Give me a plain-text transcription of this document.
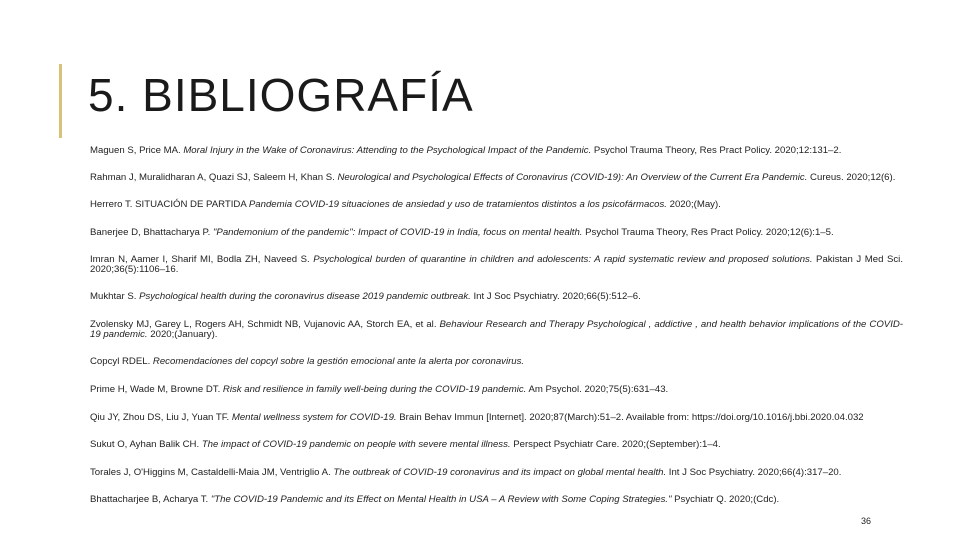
5. BIBLIOGRAFÍA
Maguen S, Price MA. Moral Injury in the Wake of Coronavirus: Attending to the Psychological Impact of the Pandemic. Psychol Trauma Theory, Res Pract Policy. 2020;12:131–2.
Rahman J, Muralidharan A, Quazi SJ, Saleem H, Khan S. Neurological and Psychological Effects of Coronavirus (COVID-19): An Overview of the Current Era Pandemic. Cureus. 2020;12(6).
Herrero T. SITUACIÓN DE PARTIDA Pandemia COVID-19 situaciones de ansiedad y uso de tratamientos distintos a los psicofármacos. 2020;(May).
Banerjee D, Bhattacharya P. "Pandemonium of the pandemic": Impact of COVID-19 in India, focus on mental health. Psychol Trauma Theory, Res Pract Policy. 2020;12(6):1–5.
Imran N, Aamer I, Sharif MI, Bodla ZH, Naveed S. Psychological burden of quarantine in children and adolescents: A rapid systematic review and proposed solutions. Pakistan J Med Sci. 2020;36(5):1106–16.
Mukhtar S. Psychological health during the coronavirus disease 2019 pandemic outbreak. Int J Soc Psychiatry. 2020;66(5):512–6.
Zvolensky MJ, Garey L, Rogers AH, Schmidt NB, Vujanovic AA, Storch EA, et al. Behaviour Research and Therapy Psychological , addictive , and health behavior implications of the COVID-19 pandemic. 2020;(January).
Copcyl RDEL. Recomendaciones del copcyl sobre la gestión emocional ante la alerta por coronavirus.
Prime H, Wade M, Browne DT. Risk and resilience in family well-being during the COVID-19 pandemic. Am Psychol. 2020;75(5):631–43.
Qiu JY, Zhou DS, Liu J, Yuan TF. Mental wellness system for COVID-19. Brain Behav Immun [Internet]. 2020;87(March):51–2. Available from: https://doi.org/10.1016/j.bbi.2020.04.032
Sukut O, Ayhan Balik CH. The impact of COVID-19 pandemic on people with severe mental illness. Perspect Psychiatr Care. 2020;(September):1–4.
Torales J, O'Higgins M, Castaldelli-Maia JM, Ventriglio A. The outbreak of COVID-19 coronavirus and its impact on global mental health. Int J Soc Psychiatry. 2020;66(4):317–20.
Bhattacharjee B, Acharya T. "The COVID-19 Pandemic and its Effect on Mental Health in USA – A Review with Some Coping Strategies." Psychiatr Q. 2020;(Cdc).
36
